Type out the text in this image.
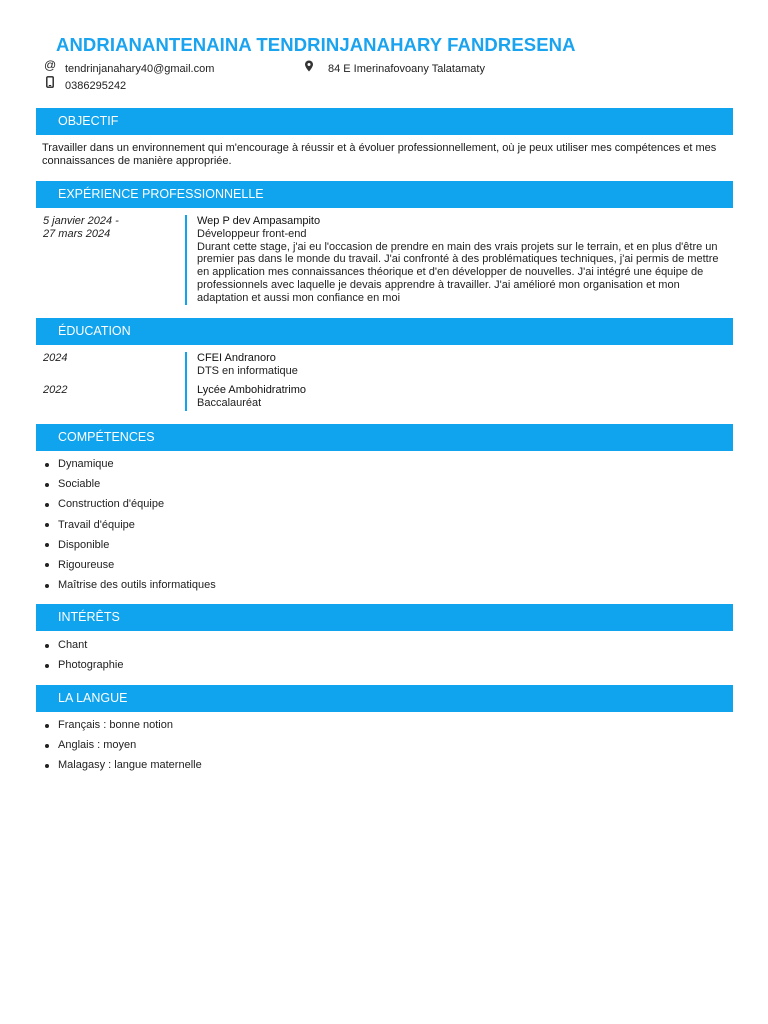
ANDRIANANTENAINA TENDRINJANAHARY FANDRESENA
@ tendrinjanahary40@gmail.com
0386295242
84 E Imerinafovoany Talatamaty
OBJECTIF
Travailler dans un environnement qui m'encourage à réussir et à évoluer professionnellement, où je peux utiliser mes compétences et mes connaissances de manière appropriée.
EXPÉRIENCE PROFESSIONNELLE
5 janvier 2024 - 27 mars 2024
Wep P dev Ampasampito
Développeur front-end
Durant cette stage, j'ai eu l'occasion de prendre en main des vrais projets sur le terrain, et en plus d'être un premier pas dans le monde du travail. J'ai confronté à des problématiques techniques, j'ai permis de mettre en application mes connaissances théorique et d'en développer de nouvelles. J'ai intégré une équipe de professionnels avec laquelle je devais apprendre à travailler. J'ai amélioré mon organisation et mon adaptation et aussi mon confiance en moi
ÉDUCATION
2024	CFEI Andranoro
DTS en informatique
2022	Lycée Ambohidratrimo
Baccalauréat
COMPÉTENCES
Dynamique
Sociable
Construction d'équipe
Travail d'équipe
Disponible
Rigoureuse
Maîtrise des outils informatiques
INTÉRÊTS
Chant
Photographie
LA LANGUE
Français : bonne notion
Anglais : moyen
Malagasy : langue maternelle
